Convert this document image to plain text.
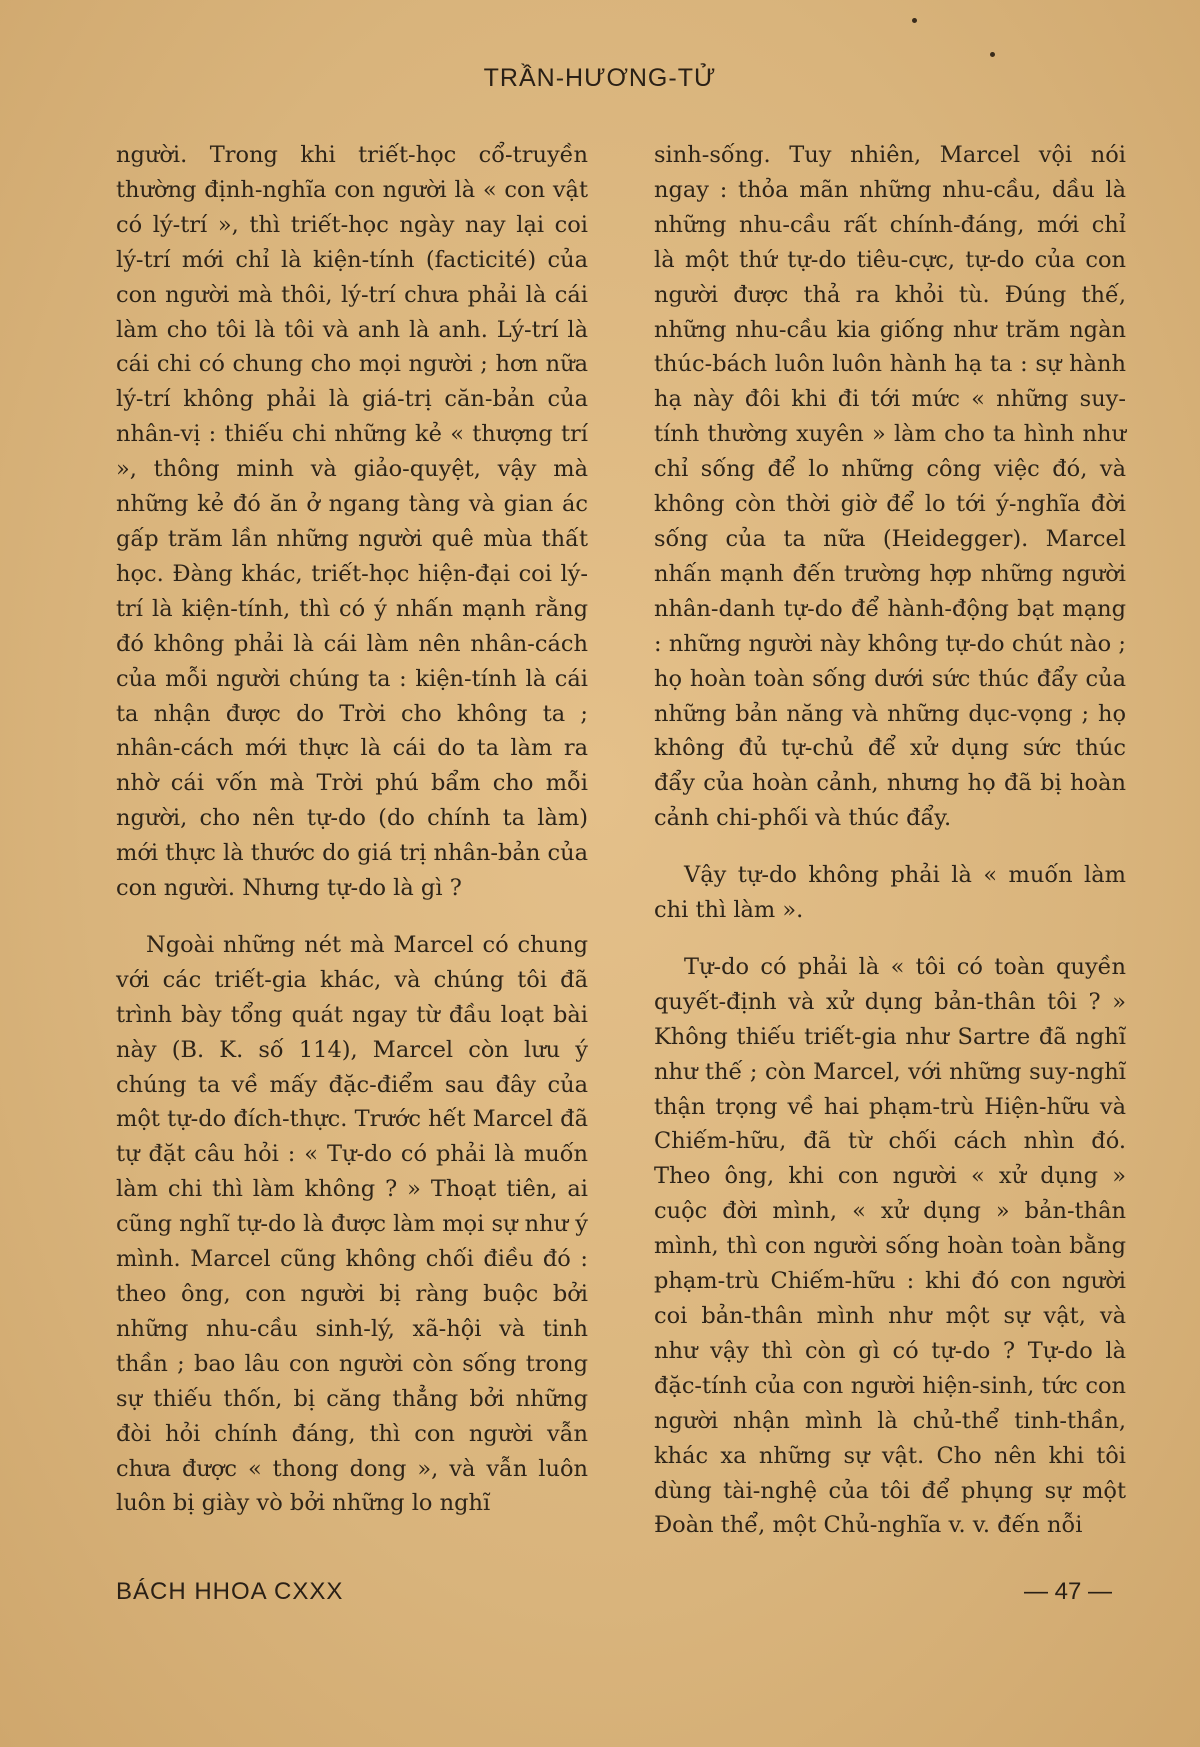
TRẦN-HƯƠNG-TỬ

người. Trong khi triết-học cổ-truyền thường định-nghĩa con người là « con vật có lý-trí », thì triết-học ngày nay lại coi lý-trí mới chỉ là kiện-tính (facticité) của con người mà thôi, lý-trí chưa phải là cái làm cho tôi là tôi và anh là anh. Lý-trí là cái chi có chung cho mọi người ; hơn nữa lý-trí không phải là giá-trị căn-bản của nhân-vị : thiếu chi những kẻ « thượng trí », thông minh và giảo-quyệt, vậy mà những kẻ đó ăn ở ngang tàng và gian ác gấp trăm lần những người quê mùa thất học. Đàng khác, triết-học hiện-đại coi lý-trí là kiện-tính, thì có ý nhấn mạnh rằng đó không phải là cái làm nên nhân-cách của mỗi người chúng ta : kiện-tính là cái ta nhận được do Trời cho không ta ; nhân-cách mới thực là cái do ta làm ra nhờ cái vốn mà Trời phú bẩm cho mỗi người, cho nên tự-do (do chính ta làm) mới thực là thước do giá trị nhân-bản của con người. Nhưng tự-do là gì ?

Ngoài những nét mà Marcel có chung với các triết-gia khác, và chúng tôi đã trình bày tổng quát ngay từ đầu loạt bài này (B. K. số 114), Marcel còn lưu ý chúng ta về mấy đặc-điểm sau đây của một tự-do đích-thực. Trước hết Marcel đã tự đặt câu hỏi : « Tự-do có phải là muốn làm chi thì làm không ? » Thoạt tiên, ai cũng nghĩ tự-do là được làm mọi sự như ý mình. Marcel cũng không chối điều đó : theo ông, con người bị ràng buộc bởi những nhu-cầu sinh-lý, xã-hội và tinh thần ; bao lâu con người còn sống trong sự thiếu thốn, bị căng thẳng bởi những đòi hỏi chính đáng, thì con người vẫn chưa được « thong dong », và vẫn luôn luôn bị giày vò bởi những lo nghĩ

sinh-sống. Tuy nhiên, Marcel vội nói ngay : thỏa mãn những nhu-cầu, dầu là những nhu-cầu rất chính-đáng, mới chỉ là một thứ tự-do tiêu-cực, tự-do của con người được thả ra khỏi tù. Đúng thế, những nhu-cầu kia giống như trăm ngàn thúc-bách luôn luôn hành hạ ta : sự hành hạ này đôi khi đi tới mức « những suy-tính thường xuyên » làm cho ta hình như chỉ sống để lo những công việc đó, và không còn thời giờ để lo tới ý-nghĩa đời sống của ta nữa (Heidegger). Marcel nhấn mạnh đến trường hợp những người nhân-danh tự-do để hành-động bạt mạng : những người này không tự-do chút nào ; họ hoàn toàn sống dưới sức thúc đẩy của những bản năng và những dục-vọng ; họ không đủ tự-chủ để xử dụng sức thúc đẩy của hoàn cảnh, nhưng họ đã bị hoàn cảnh chi-phối và thúc đẩy.

Vậy tự-do không phải là « muốn làm chi thì làm ».

Tự-do có phải là « tôi có toàn quyền quyết-định và xử dụng bản-thân tôi ? » Không thiếu triết-gia như Sartre đã nghĩ như thế ; còn Marcel, với những suy-nghĩ thận trọng về hai phạm-trù Hiện-hữu và Chiếm-hữu, đã từ chối cách nhìn đó. Theo ông, khi con người « xử dụng » cuộc đời mình, « xử dụng » bản-thân mình, thì con người sống hoàn toàn bằng phạm-trù Chiếm-hữu : khi đó con người coi bản-thân mình như một sự vật, và như vậy thì còn gì có tự-do ? Tự-do là đặc-tính của con người hiện-sinh, tức con người nhận mình là chủ-thể tinh-thần, khác xa những sự vật. Cho nên khi tôi dùng tài-nghệ của tôi để phụng sự một Đoàn thể, một Chủ-nghĩa v. v. đến nỗi

BÁCH HHOA CXXX	— 47 —
